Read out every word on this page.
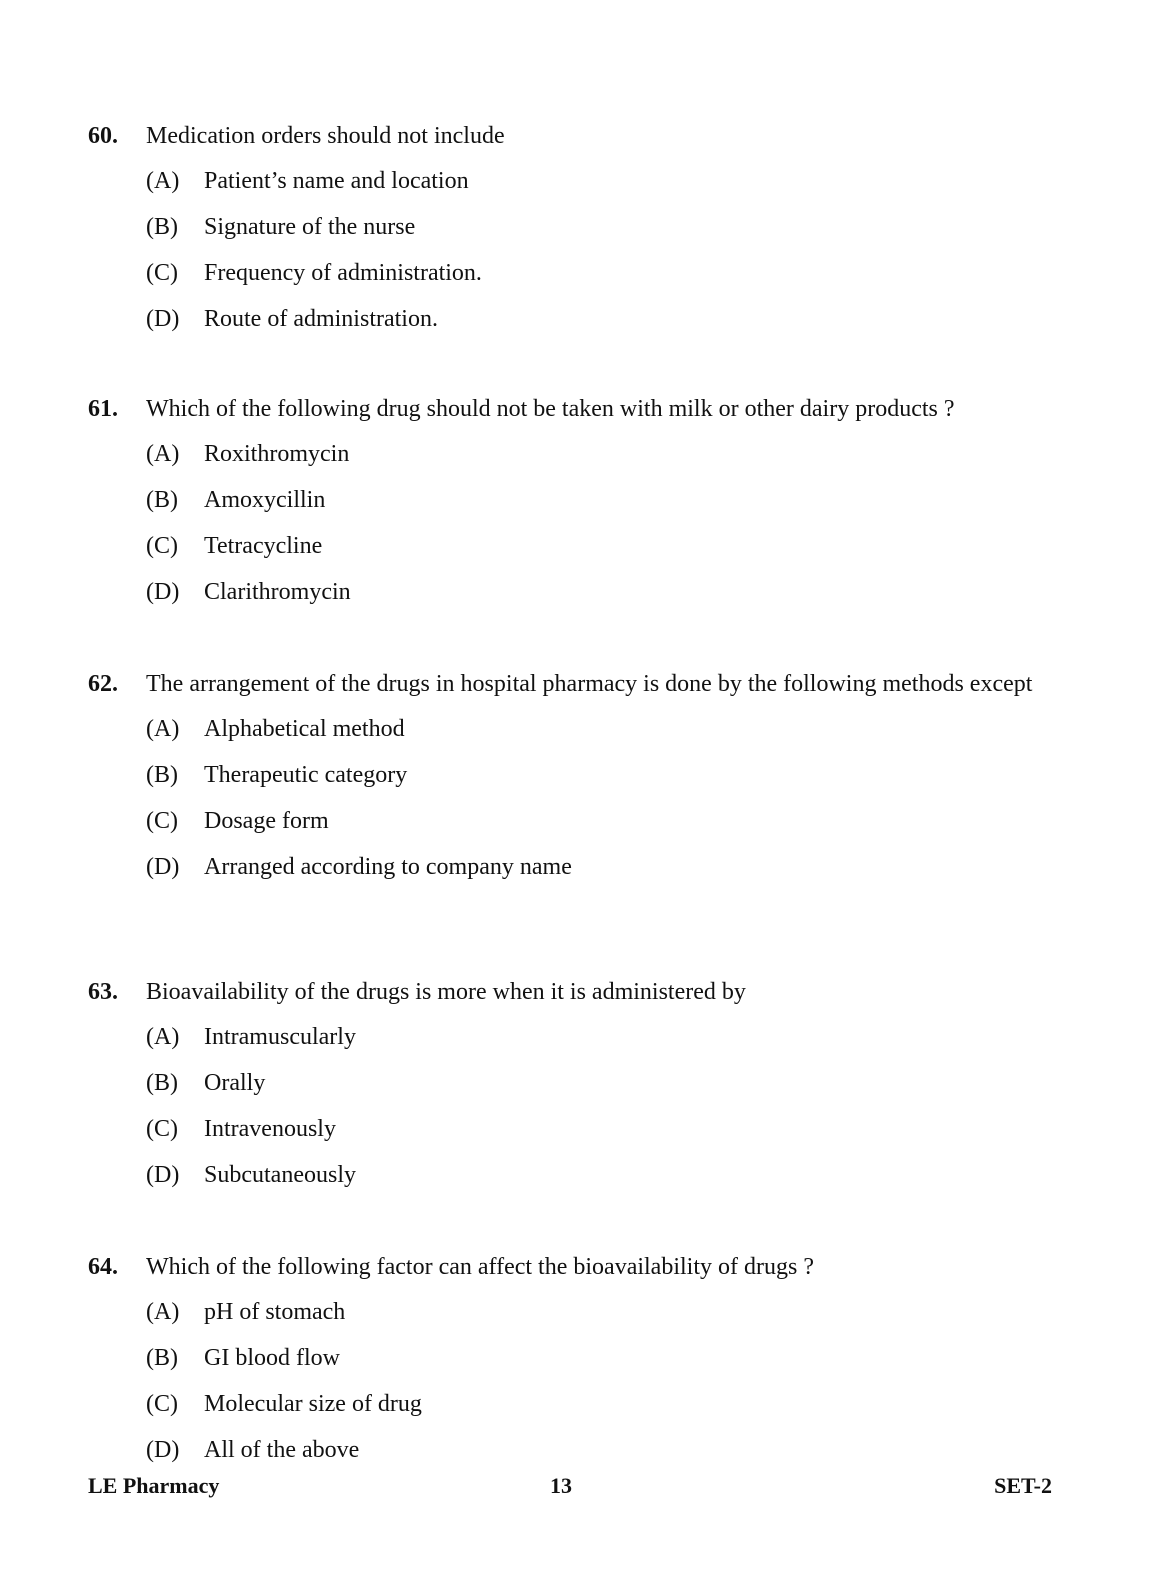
60.	Medication orders should not include
(A)	Patient’s name and location
(B)	Signature of the nurse
(C)	Frequency of administration.
(D)	Route of administration.
61.	Which of the following drug should not be taken with milk or other dairy products ?
(A)	Roxithromycin
(B)	Amoxycillin
(C)	Tetracycline
(D)	Clarithromycin
62.	The arrangement of the drugs in hospital pharmacy is done by the following methods except
(A)	Alphabetical method
(B)	Therapeutic category
(C)	Dosage form
(D)	Arranged according to company name
63.	Bioavailability of the drugs is more when it is administered by
(A)	Intramuscularly
(B)	Orally
(C)	Intravenously
(D)	Subcutaneously
64.	Which of the following factor can affect the bioavailability of drugs ?
(A)	pH of stomach
(B)	GI blood flow
(C)	Molecular size of drug
(D)	All of the above
LE Pharmacy	13	SET-2
